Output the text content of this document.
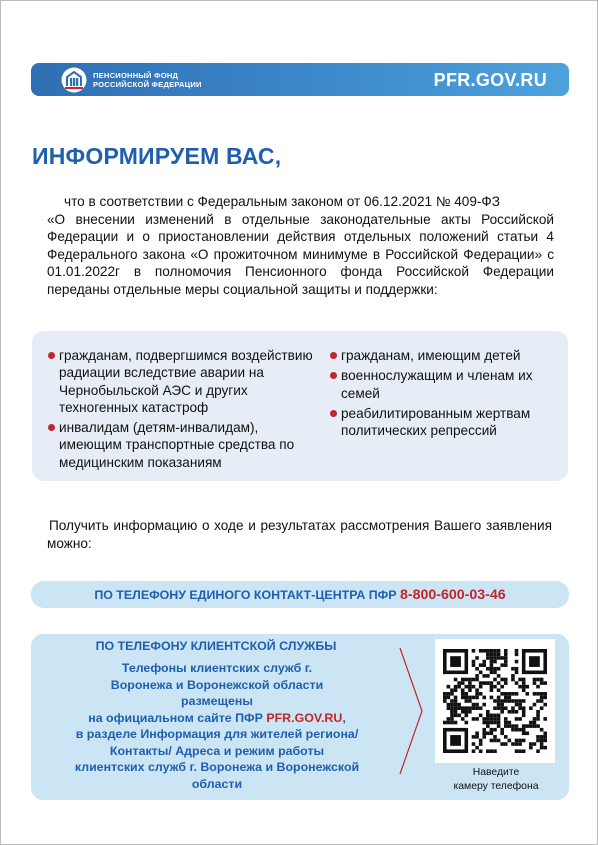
ПЕНСИОННЫЙ ФОНД
РОССИЙСКОЙ ФЕДЕРАЦИИ	PFR.GOV.RU
ИНФОРМИРУЕМ ВАС,
что в соответствии с Федеральным законом от 06.12.2021 № 409-ФЗ
«О внесении изменений в отдельные законодательные акты Российской Федерации и о приостановлении действия отдельных положений статьи 4 Федерального закона «О прожиточном минимуме в Российской Федерации» с 01.01.2022г в полномочия Пенсионного фонда Российской Федерации переданы отдельные меры социальной защиты и поддержки:
гражданам, подвергшимся воздействию радиации вследствие аварии на Чернобыльской АЭС и других техногенных катастроф
инвалидам (детям-инвалидам), имеющим транспортные средства по медицинским показаниям
гражданам, имеющим детей
военнослужащим и членам их семей
реабилитированным жертвам политических репрессий

Получить информацию о ходе и результатах рассмотрения Вашего заявления можно:

ПО ТЕЛЕФОНУ ЕДИНОГО КОНТАКТ-ЦЕНТРА ПФР 8-800-600-03-46
ПО ТЕЛЕФОНУ КЛИЕНТСКОЙ СЛУЖБЫ
Телефоны клиентских служб г.
Воронежа и Воронежской области
размещены
на официальном сайте ПФР PFR.GOV.RU,
в разделе Информация для жителей региона/
Контакты/ Адреса и режим работы
клиентских служб г. Воронежа и Воронежской
области
Наведите
камеру телефона
